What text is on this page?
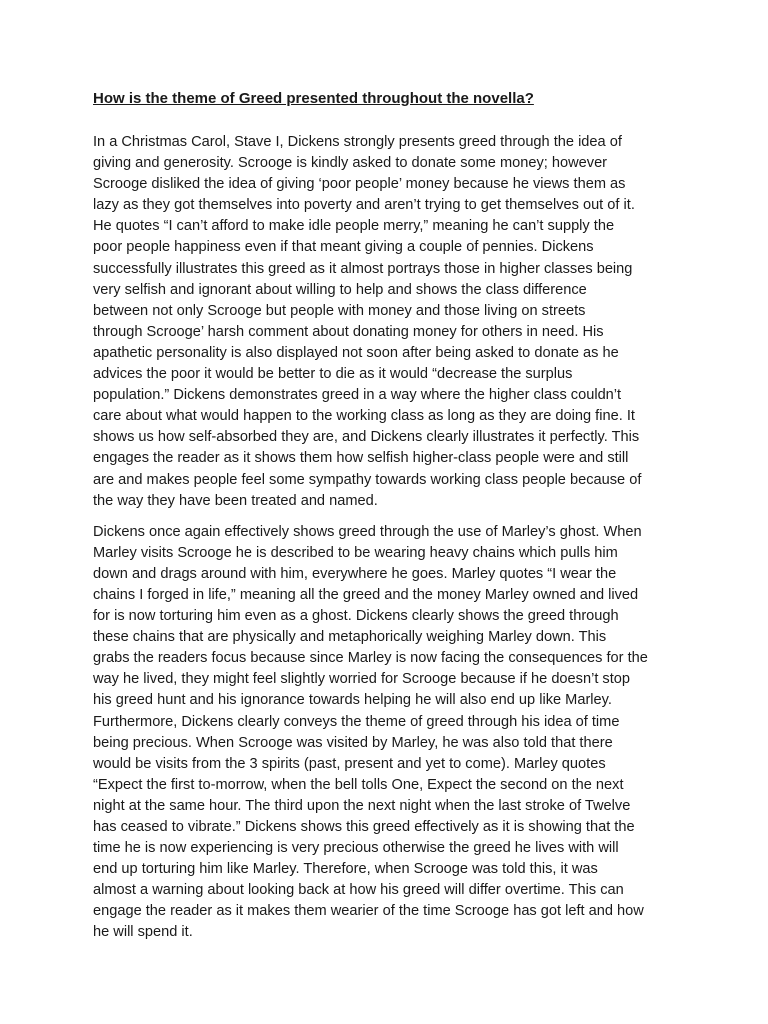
How is the theme of Greed presented throughout the novella?
In a Christmas Carol, Stave I, Dickens strongly presents greed through the idea of
giving and generosity. Scrooge is kindly asked to donate some money; however
Scrooge disliked the idea of giving ‘poor people’ money because he views them as
lazy as they got themselves into poverty and aren’t trying to get themselves out of it.
He quotes “I can’t afford to make idle people merry,” meaning he can’t supply the
poor people happiness even if that meant giving a couple of pennies. Dickens
successfully illustrates this greed as it almost portrays those in higher classes being
very selfish and ignorant about willing to help and shows the class difference
between not only Scrooge but people with money and those living on streets
through Scrooge’ harsh comment about donating money for others in need. His
apathetic personality is also displayed not soon after being asked to donate as he
advices the poor it would be better to die as it would “decrease the surplus
population.” Dickens demonstrates greed in a way where the higher class couldn’t
care about what would happen to the working class as long as they are doing fine. It
shows us how self-absorbed they are, and Dickens clearly illustrates it perfectly. This
engages the reader as it shows them how selfish higher-class people were and still
are and makes people feel some sympathy towards working class people because of
the way they have been treated and named.
Dickens once again effectively shows greed through the use of Marley’s ghost. When
Marley visits Scrooge he is described to be wearing heavy chains which pulls him
down and drags around with him, everywhere he goes. Marley quotes “I wear the
chains I forged in life,” meaning all the greed and the money Marley owned and lived
for is now torturing him even as a ghost. Dickens clearly shows the greed through
these chains that are physically and metaphorically weighing Marley down. This
grabs the readers focus because since Marley is now facing the consequences for the
way he lived, they might feel slightly worried for Scrooge because if he doesn’t stop
his greed hunt and his ignorance towards helping he will also end up like Marley.
Furthermore, Dickens clearly conveys the theme of greed through his idea of time
being precious. When Scrooge was visited by Marley, he was also told that there
would be visits from the 3 spirits (past, present and yet to come). Marley quotes
“Expect the first to-morrow, when the bell tolls One, Expect the second on the next
night at the same hour. The third upon the next night when the last stroke of Twelve
has ceased to vibrate.” Dickens shows this greed effectively as it is showing that the
time he is now experiencing is very precious otherwise the greed he lives with will
end up torturing him like Marley. Therefore, when Scrooge was told this, it was
almost a warning about looking back at how his greed will differ overtime. This can
engage the reader as it makes them wearier of the time Scrooge has got left and how
he will spend it.
